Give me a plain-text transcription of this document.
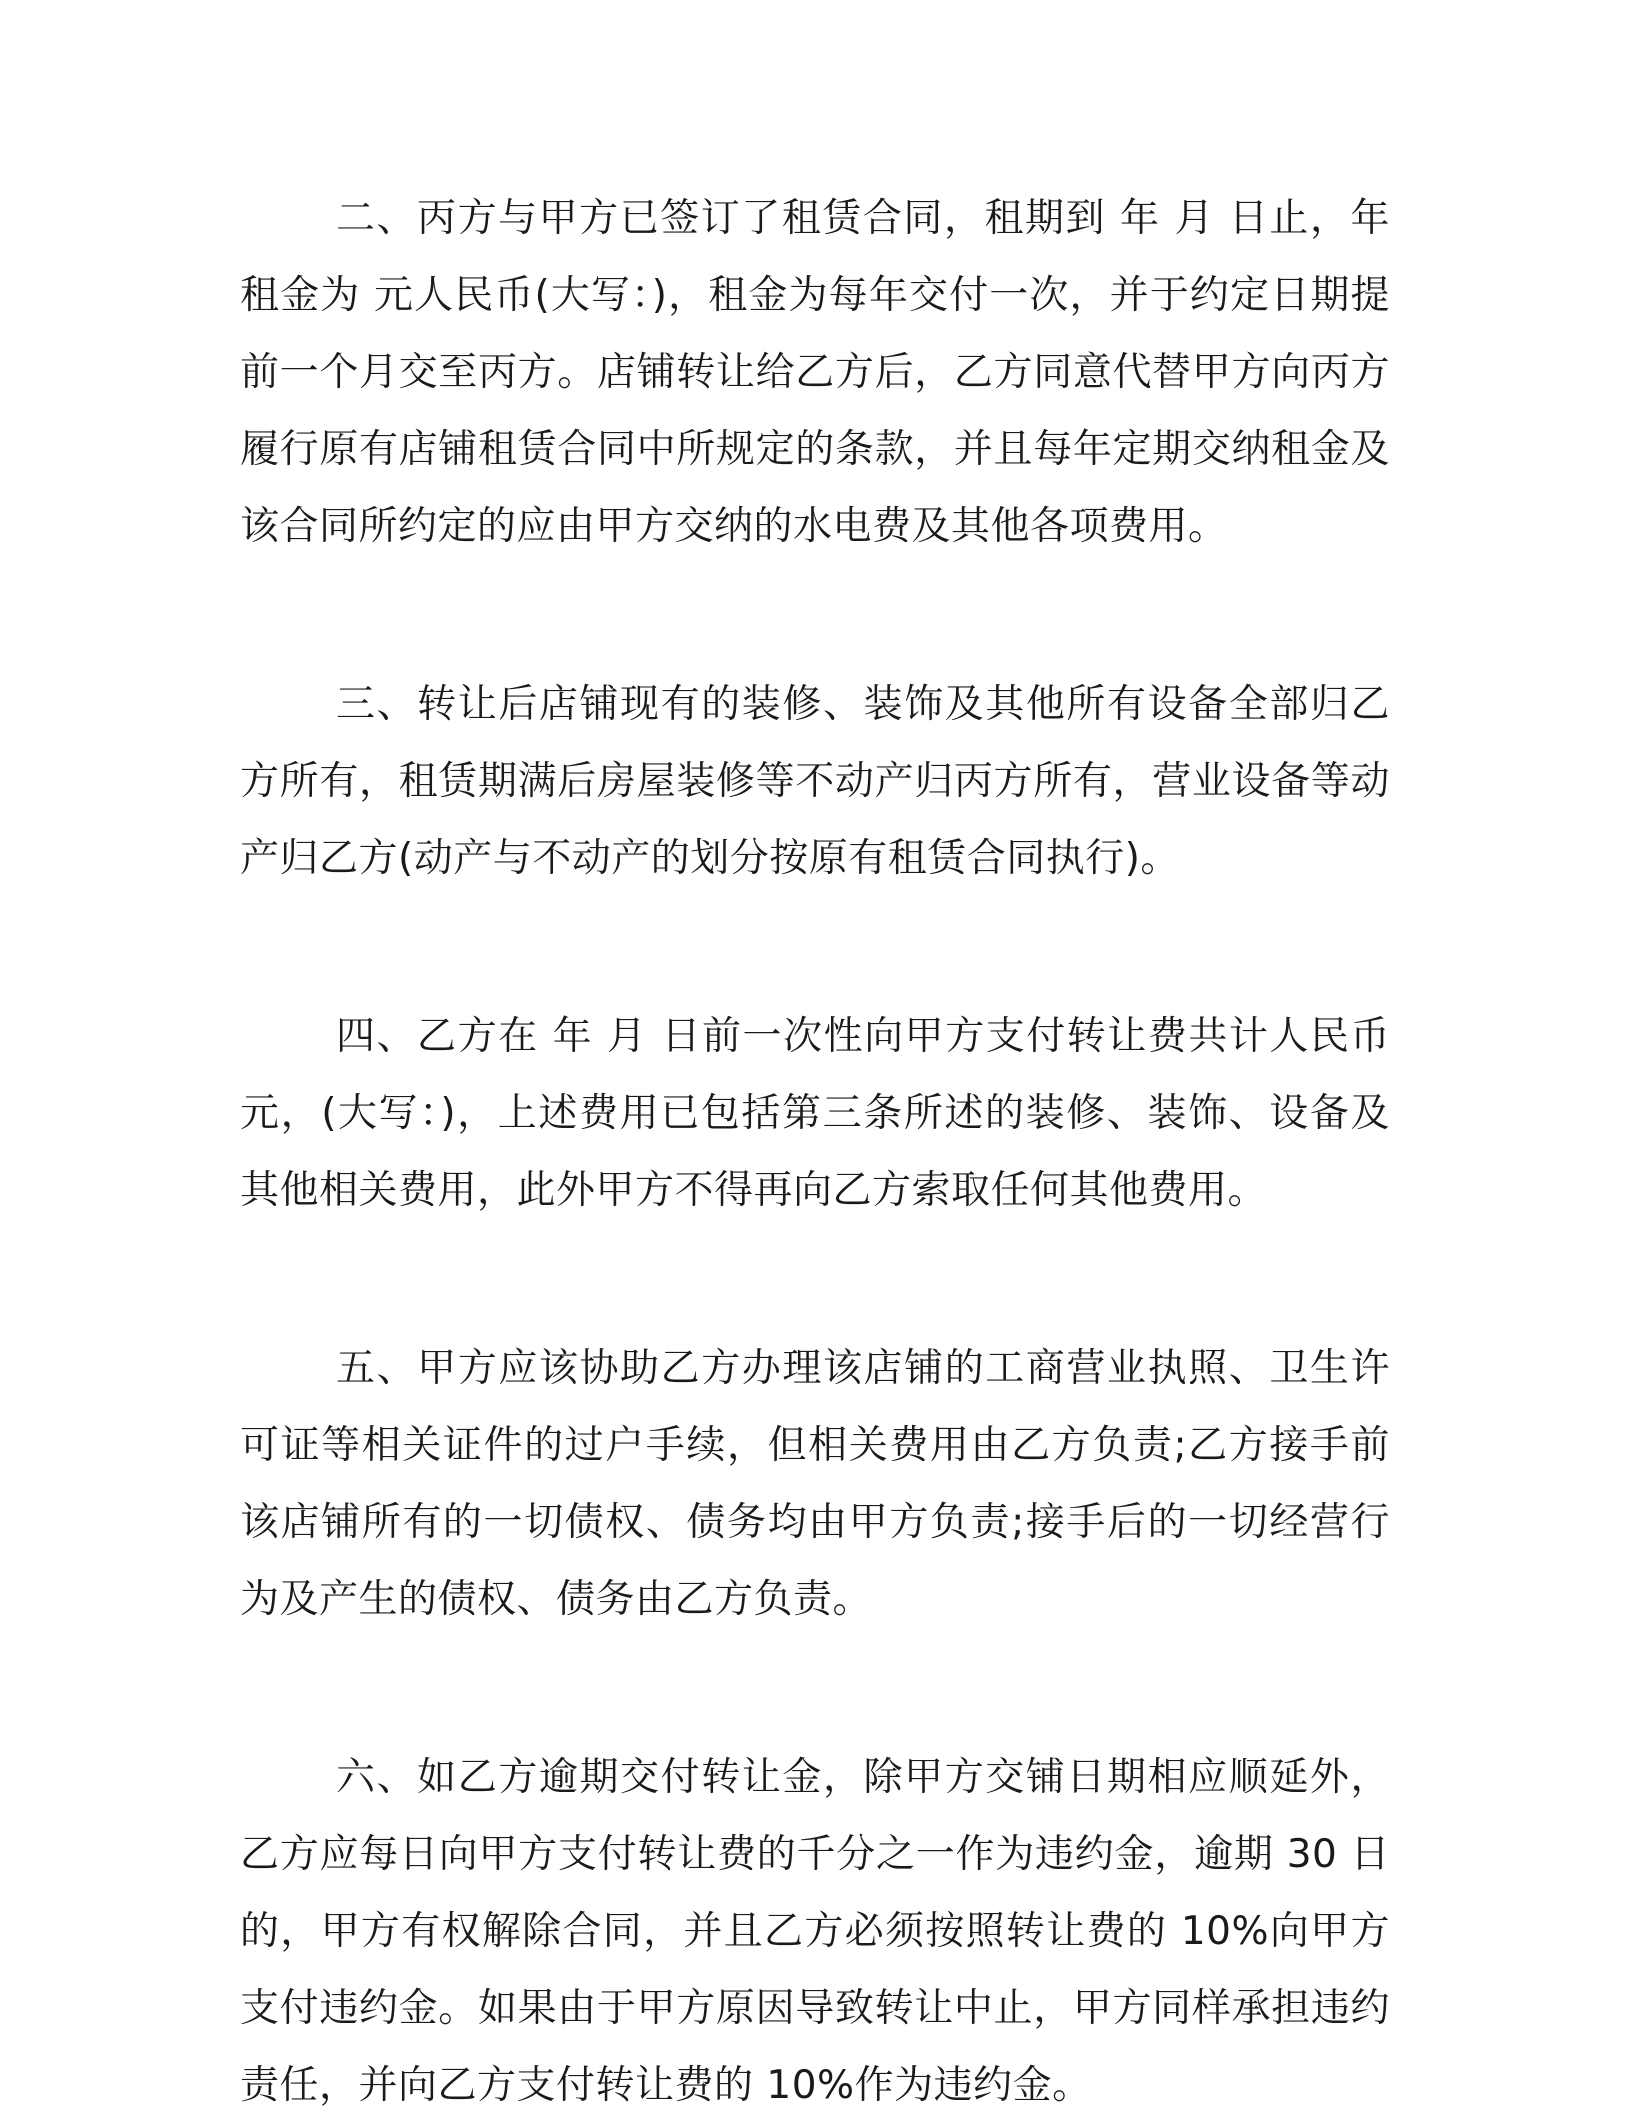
二、丙方与甲方已签订了租赁合同，租期到 年 月 日止，年租金为 元人民币(大写：)，租金为每年交付一次，并于约定日期提前一个月交至丙方。店铺转让给乙方后，乙方同意代替甲方向丙方履行原有店铺租赁合同中所规定的条款，并且每年定期交纳租金及该合同所约定的应由甲方交纳的水电费及其他各项费用。

三、转让后店铺现有的装修、装饰及其他所有设备全部归乙方所有，租赁期满后房屋装修等不动产归丙方所有，营业设备等动产归乙方(动产与不动产的划分按原有租赁合同执行)。

四、乙方在 年 月 日前一次性向甲方支付转让费共计人民币 元，(大写：)，上述费用已包括第三条所述的装修、装饰、设备及其他相关费用，此外甲方不得再向乙方索取任何其他费用。

五、甲方应该协助乙方办理该店铺的工商营业执照、卫生许可证等相关证件的过户手续，但相关费用由乙方负责;乙方接手前该店铺所有的一切债权、债务均由甲方负责;接手后的一切经营行为及产生的债权、债务由乙方负责。

六、如乙方逾期交付转让金，除甲方交铺日期相应顺延外，乙方应每日向甲方支付转让费的千分之一作为违约金，逾期 30 日的，甲方有权解除合同，并且乙方必须按照转让费的 10%向甲方支付违约金。如果由于甲方原因导致转让中止，甲方同样承担违约责任，并向乙方支付转让费的 10%作为违约金。
